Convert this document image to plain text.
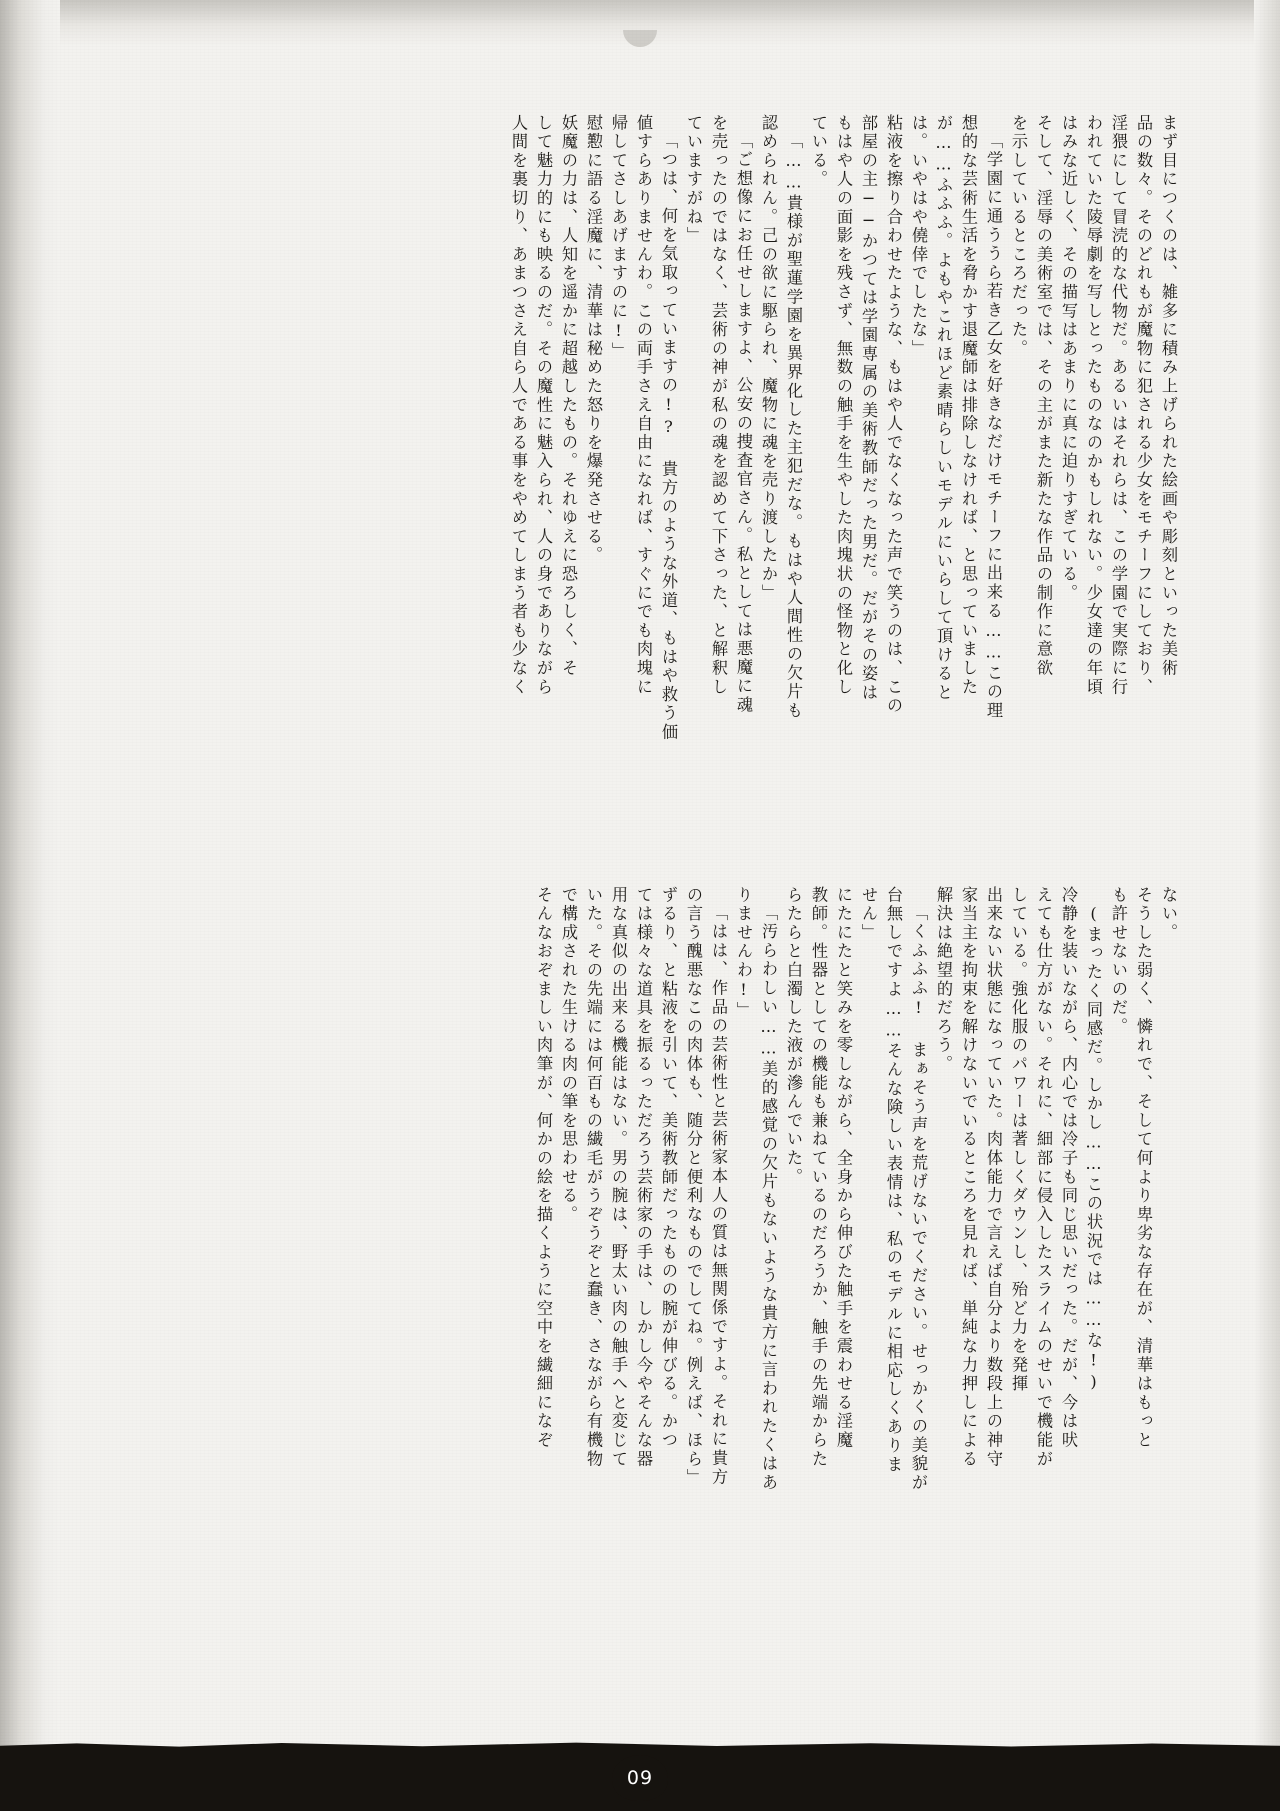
まず目につくのは、雑多に積み上げられた絵画や彫刻といった美術
品の数々。そのどれもが魔物に犯される少女をモチーフにしており、
淫猥にして冒涜的な代物だ。あるいはそれらは、この学園で実際に行
われていた陵辱劇を写しとったものなのかもしれない。少女達の年頃
はみな近しく、その描写はあまりに真に迫りすぎている。
そして、淫辱の美術室では、その主がまた新たな作品の制作に意欲
を示しているところだった。
「学園に通ううら若き乙女を好きなだけモチーフに出来る……この理
想的な芸術生活を脅かす退魔師は排除しなければ、と思っていました
が……ふふふ。よもやこれほど素晴らしいモデルにいらして頂けると
は。いやはや僥倖でしたな」
粘液を擦り合わせたような、もはや人でなくなった声で笑うのは、この
部屋の主──かつては学園専属の美術教師だった男だ。だがその姿は
もはや人の面影を残さず、無数の触手を生やした肉塊状の怪物と化し
ている。
「……貴様が聖蓮学園を異界化した主犯だな。もはや人間性の欠片も
認められん。己の欲に駆られ、魔物に魂を売り渡したか」
「ご想像にお任せしますよ、公安の捜査官さん。私としては悪魔に魂
を売ったのではなく、芸術の神が私の魂を認めて下さった、と解釈し
ていますがね」
「つは、何を気取っていますの!? 貴方のような外道、もはや救う価
値すらありませんわ。この両手さえ自由になれば、すぐにでも肉塊に
帰してさしあげますのに!」
慰懃に語る淫魔に、清華は秘めた怒りを爆発させる。
妖魔の力は、人知を遥かに超越したもの。それゆえに恐ろしく、そ
して魅力的にも映るのだ。その魔性に魅入られ、人の身でありながら
人間を裏切り、あまつさえ自ら人である事をやめてしまう者も少なく
ない。
そうした弱く、憐れで、そして何より卑劣な存在が、清華はもっと
も許せないのだ。
(まったく同感だ。しかし……この状況では……な!)
冷静を装いながら、内心では冷子も同じ思いだった。だが、今は吠
えても仕方がない。それに、細部に侵入したスライムのせいで機能が
している。強化服のパワーは著しくダウンし、殆ど力を発揮
出来ない状態になっていた。肉体能力で言えば自分より数段上の神守
家当主を拘束を解けないでいるところを見れば、単純な力押しによる
解決は絶望的だろう。
「くふふふ! まぁそう声を荒げないでください。せっかくの美貌が
台無しですよ……そんな険しい表情は、私のモデルに相応しくありま
せん」
にたにたと笑みを零しながら、全身から伸びた触手を震わせる淫魔
教師。性器としての機能も兼ねているのだろうか、触手の先端からた
らたらと白濁した液が滲んでいた。
「汚らわしい……美的感覚の欠片もないような貴方に言われたくはあ
りませんわ!」
「はは、作品の芸術性と芸術家本人の質は無関係ですよ。それに貴方
の言う醜悪なこの肉体も、随分と便利なものでしてね。例えば、ほら」
ずるり、と粘液を引いて、美術教師だったものの腕が伸びる。かつ
ては様々な道具を振るっただろう芸術家の手は、しかし今やそんな器
用な真似の出来る機能はない。男の腕は、野太い肉の触手へと変じて
いた。その先端には何百もの繊毛がうぞうぞと蠢き、さながら有機物
で構成された生ける肉の筆を思わせる。
そんなおぞましい肉筆が、何かの絵を描くように空中を繊細になぞ
09
